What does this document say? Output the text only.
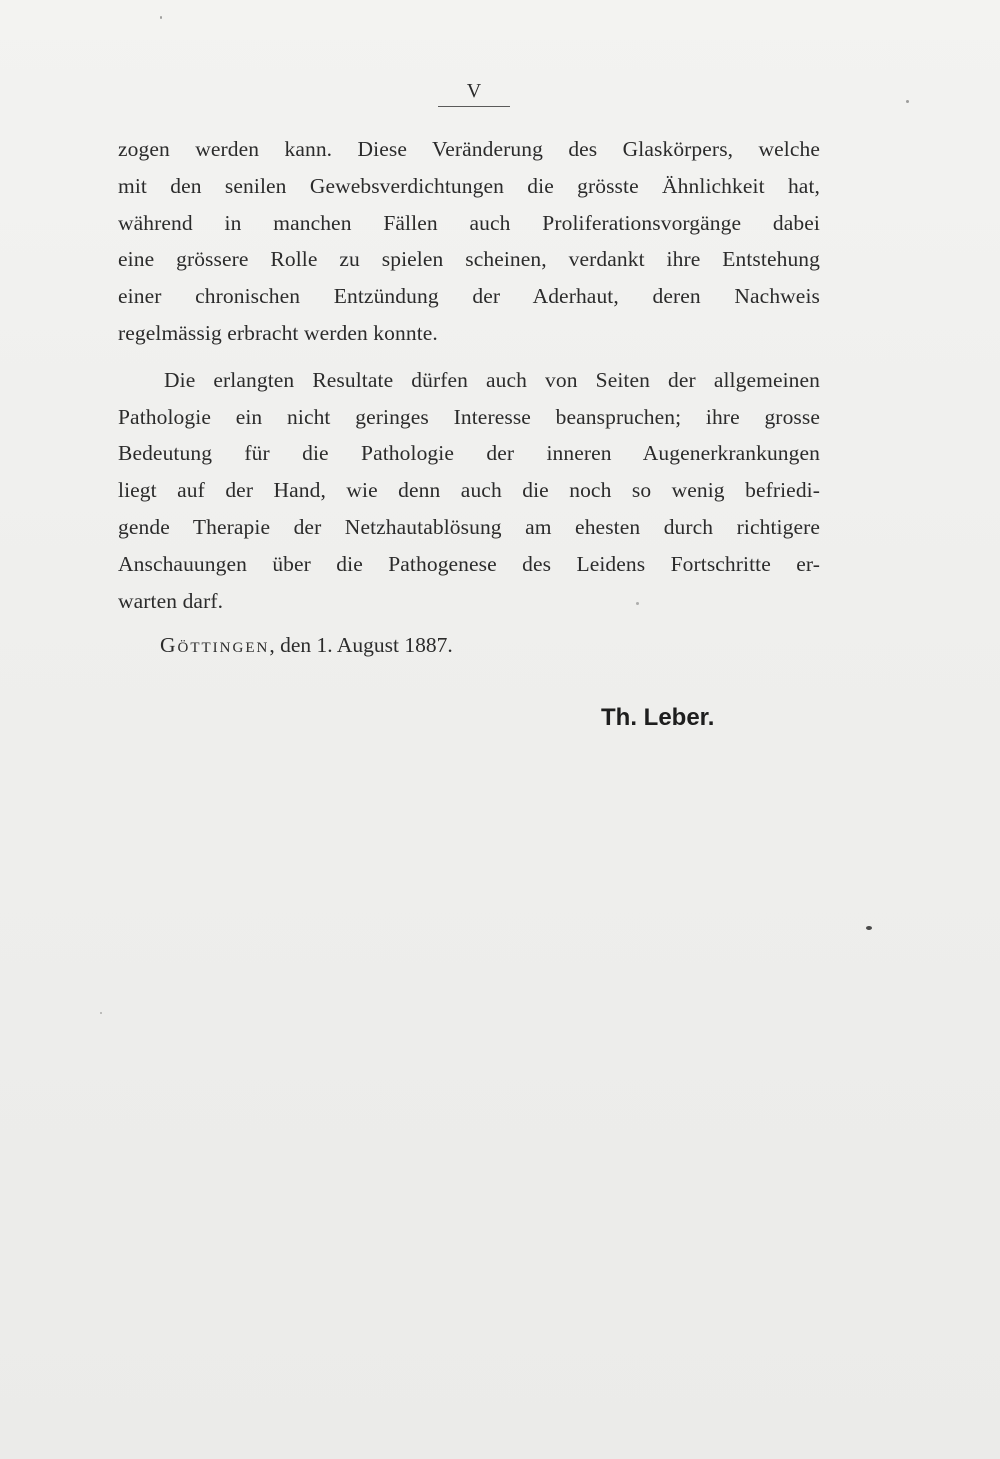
V
zogen werden kann. Diese Veränderung des Glaskörpers, welche
mit den senilen Gewebsverdichtungen die grösste Ähnlichkeit hat,
während in manchen Fällen auch Proliferationsvorgänge dabei
eine grössere Rolle zu spielen scheinen, verdankt ihre Entstehung
einer chronischen Entzündung der Aderhaut, deren Nachweis
regelmässig erbracht werden konnte.
Die erlangten Resultate dürfen auch von Seiten der allgemeinen
Pathologie ein nicht geringes Interesse beanspruchen; ihre grosse
Bedeutung für die Pathologie der inneren Augenerkrankungen
liegt auf der Hand, wie denn auch die noch so wenig befriedi-
gende Therapie der Netzhautablösung am ehesten durch richtigere
Anschauungen über die Pathogenese des Leidens Fortschritte er-
warten darf.
Göttingen, den 1. August 1887.
Th. Leber.
